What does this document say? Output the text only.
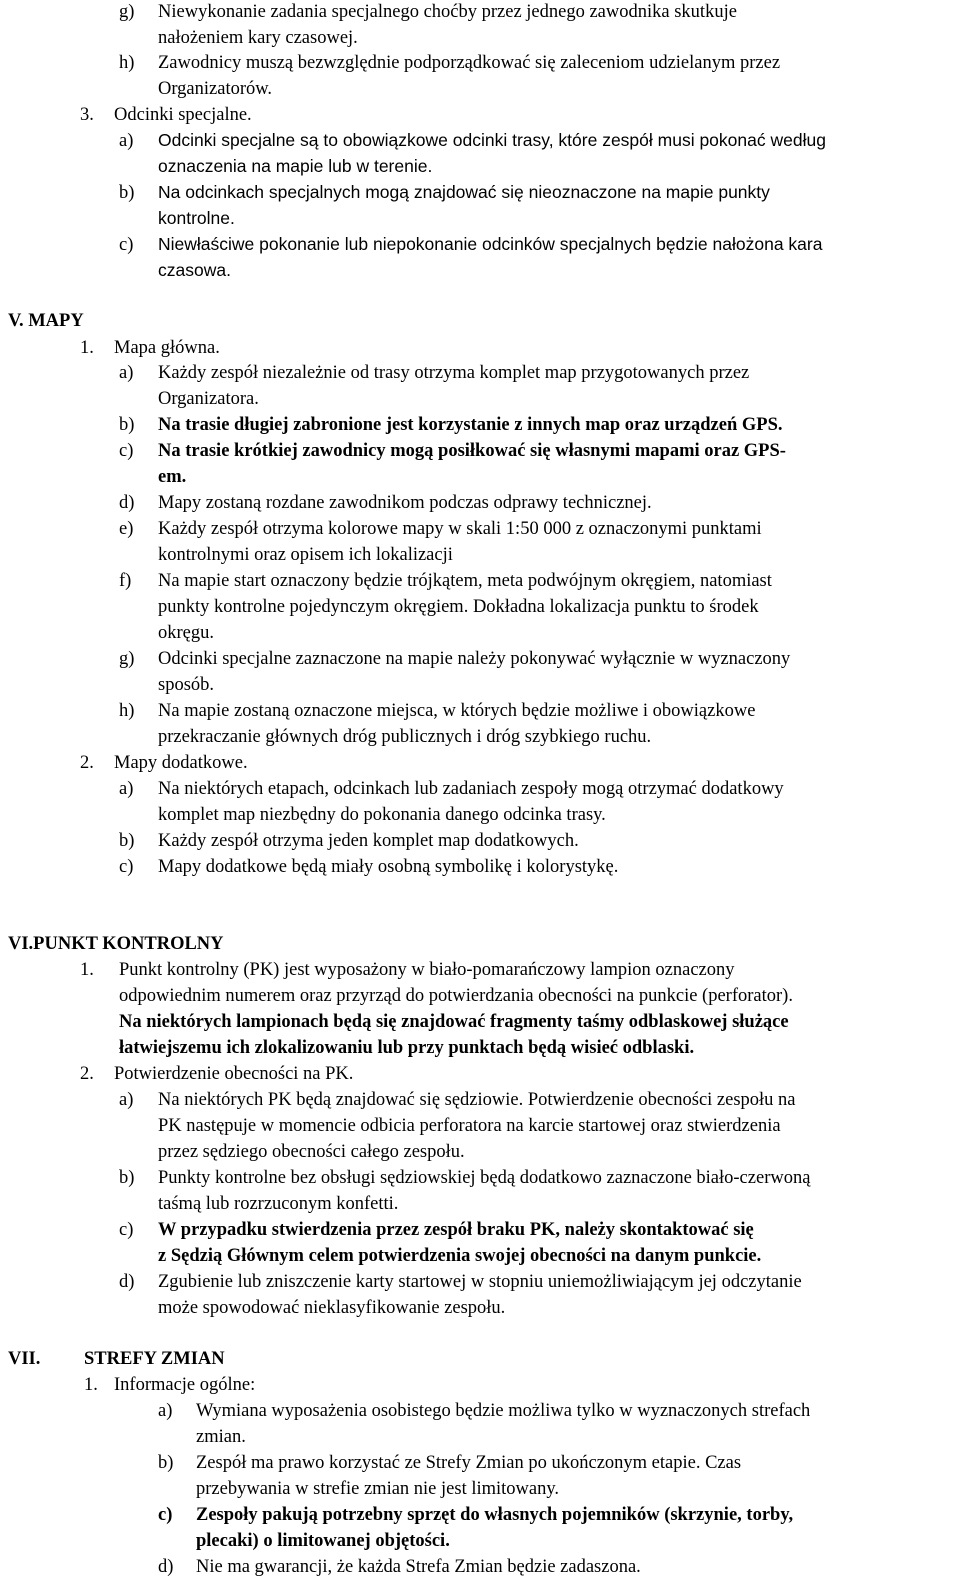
g) Niewykonanie zadania specjalnego choćby przez jednego zawodnika skutkuje
nałożeniem kary czasowej.
h) Zawodnicy muszą bezwzględnie podporządkować się zaleceniom udzielanym przez
Organizatorów.
3. Odcinki specjalne.
a) Odcinki specjalne są to obowiązkowe odcinki trasy, które zespół musi pokonać według
oznaczenia na mapie lub w terenie.
b) Na odcinkach specjalnych mogą znajdować się nieoznaczone na mapie punkty
kontrolne.
c) Niewłaściwe pokonanie lub niepokonanie odcinków specjalnych będzie nałożona kara
czasowa.
V. MAPY
1. Mapa główna.
a) Każdy zespół niezależnie od trasy otrzyma komplet map przygotowanych przez
Organizatora.
b) Na trasie długiej zabronione jest korzystanie z innych map oraz urządzeń GPS.
c) Na trasie krótkiej zawodnicy mogą posiłkować się własnymi mapami oraz GPS-
em.
d) Mapy zostaną rozdane zawodnikom podczas odprawy technicznej.
e) Każdy zespół otrzyma kolorowe mapy w skali 1:50 000 z oznaczonymi punktami
kontrolnymi oraz opisem ich lokalizacji
f) Na mapie start oznaczony będzie trójkątem, meta podwójnym okręgiem, natomiast
punkty kontrolne pojedynczym okręgiem. Dokładna lokalizacja punktu to środek
okręgu.
g) Odcinki specjalne zaznaczone na mapie należy pokonywać wyłącznie w wyznaczony
sposób.
h) Na mapie zostaną oznaczone miejsca, w których będzie możliwe i obowiązkowe
przekraczanie głównych dróg publicznych i dróg szybkiego ruchu.
2. Mapy dodatkowe.
a) Na niektórych etapach, odcinkach lub zadaniach zespoły mogą otrzymać dodatkowy
komplet map niezbędny do pokonania danego odcinka trasy.
b) Każdy zespół otrzyma jeden komplet map dodatkowych.
c) Mapy dodatkowe będą miały osobną symbolikę i kolorystykę.
VI.PUNKT KONTROLNY
1. Punkt kontrolny (PK) jest wyposażony w biało-pomarańczowy lampion oznaczony
odpowiednim numerem oraz przyrząd do potwierdzania obecności na punkcie (perforator).
Na niektórych lampionach będą się znajdować fragmenty taśmy odblaskowej służące
łatwiejszemu ich zlokalizowaniu lub przy punktach będą wisieć odblaski.
2. Potwierdzenie obecności na PK.
a) Na niektórych PK będą znajdować się sędziowie. Potwierdzenie obecności zespołu na
PK następuje w momencie odbicia perforatora na karcie startowej oraz stwierdzenia
przez sędziego obecności całego zespołu.
b) Punkty kontrolne bez obsługi sędziowskiej będą dodatkowo zaznaczone biało-czerwoną
taśmą lub rozrzuconym konfetti.
c) W przypadku stwierdzenia przez zespół braku PK, należy skontaktować się
z Sędzią Głównym celem potwierdzenia swojej obecności na danym punkcie.
d) Zgubienie lub zniszczenie karty startowej w stopniu uniemożliwiającym jej odczytanie
może spowodować nieklasyfikowanie zespołu.
VII. STREFY ZMIAN
1. Informacje ogólne:
a) Wymiana wyposażenia osobistego będzie możliwa tylko w wyznaczonych strefach
zmian.
b) Zespół ma prawo korzystać ze Strefy Zmian po ukończonym etapie. Czas
przebywania w strefie zmian nie jest limitowany.
c) Zespoły pakują potrzebny sprzęt do własnych pojemników (skrzynie, torby,
plecaki) o limitowanej objętości.
d) Nie ma gwarancji, że każda Strefa Zmian będzie zadaszona.
